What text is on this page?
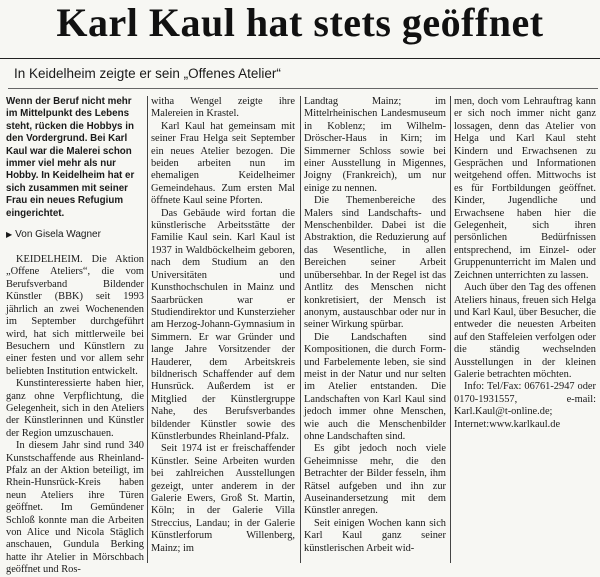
Karl Kaul hat stets geöffnet
In Keidelheim zeigte er sein „Offenes Atelier“
Wenn der Beruf nicht mehr im Mittelpunkt des Lebens steht, rücken die Hobbys in den Vordergrund. Bei Karl Kaul war die Malerei schon immer viel mehr als nur Hobby. In Keidelheim hat er sich zusammen mit seiner Frau ein neues Refugium eingerichtet.
▶ Von Gisela Wagner

KEIDELHEIM. Die Aktion „Offene Ateliers“, die vom Berufsverband Bildender Künstler (BBK) seit 1993 jährlich an zwei Wochenenden im September durchgeführt wird, hat sich mittlerweile bei Besuchern und Künstlern zu einer festen und vor allem sehr beliebten Institution entwickelt.

Kunstinteressierte haben hier, ganz ohne Verpflichtung, die Gelegenheit, sich in den Ateliers der Künstlerinnen und Künstler der Region umzuschauen.

In diesem Jahr sind rund 340 Kunstschaffende aus Rheinland-Pfalz an der Aktion beteiligt, im Rhein-Hunsrück-Kreis haben neun Ateliers ihre Türen geöffnet. Im Gemündener Schloß konnte man die Arbeiten von Alice und Nicola Stäglich anschauen, Gundula Berking hatte ihr Atelier in Mörschbach geöffnet und Ros-

witha Wengel zeigte ihre Malereien in Krastel.

Karl Kaul hat gemeinsam mit seiner Frau Helga seit September ein neues Atelier bezogen. Die beiden arbeiten nun im ehemaligen Keidelheimer Gemeindehaus. Zum ersten Mal öffnete Kaul seine Pforten.

Das Gebäude wird fortan die künstlerische Arbeitsstätte der Familie Kaul sein. Karl Kaul ist 1937 in Waldböckelheim geboren, nach dem Studium an den Universitäten und Kunsthochschulen in Mainz und Saarbrücken war er Studiendirektor und Kunsterzieher am Herzog-Johann-Gymnasium in Simmern. Er war Gründer und lange Jahre Vorsitzender der Hauderer, dem Arbeitskreis bildnerisch Schaffender auf dem Hunsrück. Außerdem ist er Mitglied der Künstlergruppe Nahe, des Berufsverbandes bildender Künstler sowie des Künstlerbundes Rheinland-Pfalz.

Seit 1974 ist er freischaffender Künstler. Seine Arbeiten wurden bei zahlreichen Ausstellungen gezeigt, unter anderem in der Galerie Ewers, Groß St. Martin, Köln; in der Galerie Villa Streccius, Landau; in der Galerie Künstlerforum Willenberg, Mainz; im

Landtag Mainz; im Mittelrheinischen Landesmuseum in Koblenz; im Wilhelm-Dröscher-Haus in Kirn; im Simmerner Schloss sowie bei einer Ausstellung in Migennes, Joigny (Frankreich), um nur einige zu nennen.

Die Themenbereiche des Malers sind Landschafts- und Menschenbilder. Dabei ist die Abstraktion, die Reduzierung auf das Wesentliche, in allen Bereichen seiner Arbeit unübersehbar. In der Regel ist das Antlitz des Menschen nicht konkretisiert, der Mensch ist anonym, austauschbar oder nur in seiner Wirkung spürbar.

Die Landschaften sind Kompositionen, die durch Form- und Farbelemente leben, sie sind meist in der Natur und nur selten im Atelier entstanden. Die Landschaften von Karl Kaul sind jedoch immer ohne Menschen, wie auch die Menschenbilder ohne Landschaften sind.

Es gibt jedoch noch viele Geheimnisse mehr, die den Betrachter der Bilder fesseln, ihm Rätsel aufgeben und ihn zur Auseinandersetzung mit dem Künstler anregen.

Seit einigen Wochen kann sich Karl Kaul ganz seiner künstlerischen Arbeit wid-

men, doch vom Lehrauftrag kann er sich noch immer nicht ganz lossagen, denn das Atelier von Helga und Karl Kaul steht Kindern und Erwachsenen zu Gesprächen und Informationen weitgehend offen. Mittwochs ist es für Fortbildungen geöffnet. Kinder, Jugendliche und Erwachsene haben hier die Gelegenheit, sich ihren persönlichen Bedürfnissen entsprechend, im Einzel- oder Gruppenunterricht im Malen und Zeichnen unterrichten zu lassen.

Auch über den Tag des offenen Ateliers hinaus, freuen sich Helga und Karl Kaul, über Besucher, die entweder die neuesten Arbeiten auf den Staffeleien verfolgen oder die ständig wechselnden Ausstellungen in der kleinen Galerie betrachten möchten.

Info: Tel/Fax: 06761-2947 oder 0170-1931557, e-mail: Karl.Kaul@t-online.de; Internet:www.karlkaul.de
